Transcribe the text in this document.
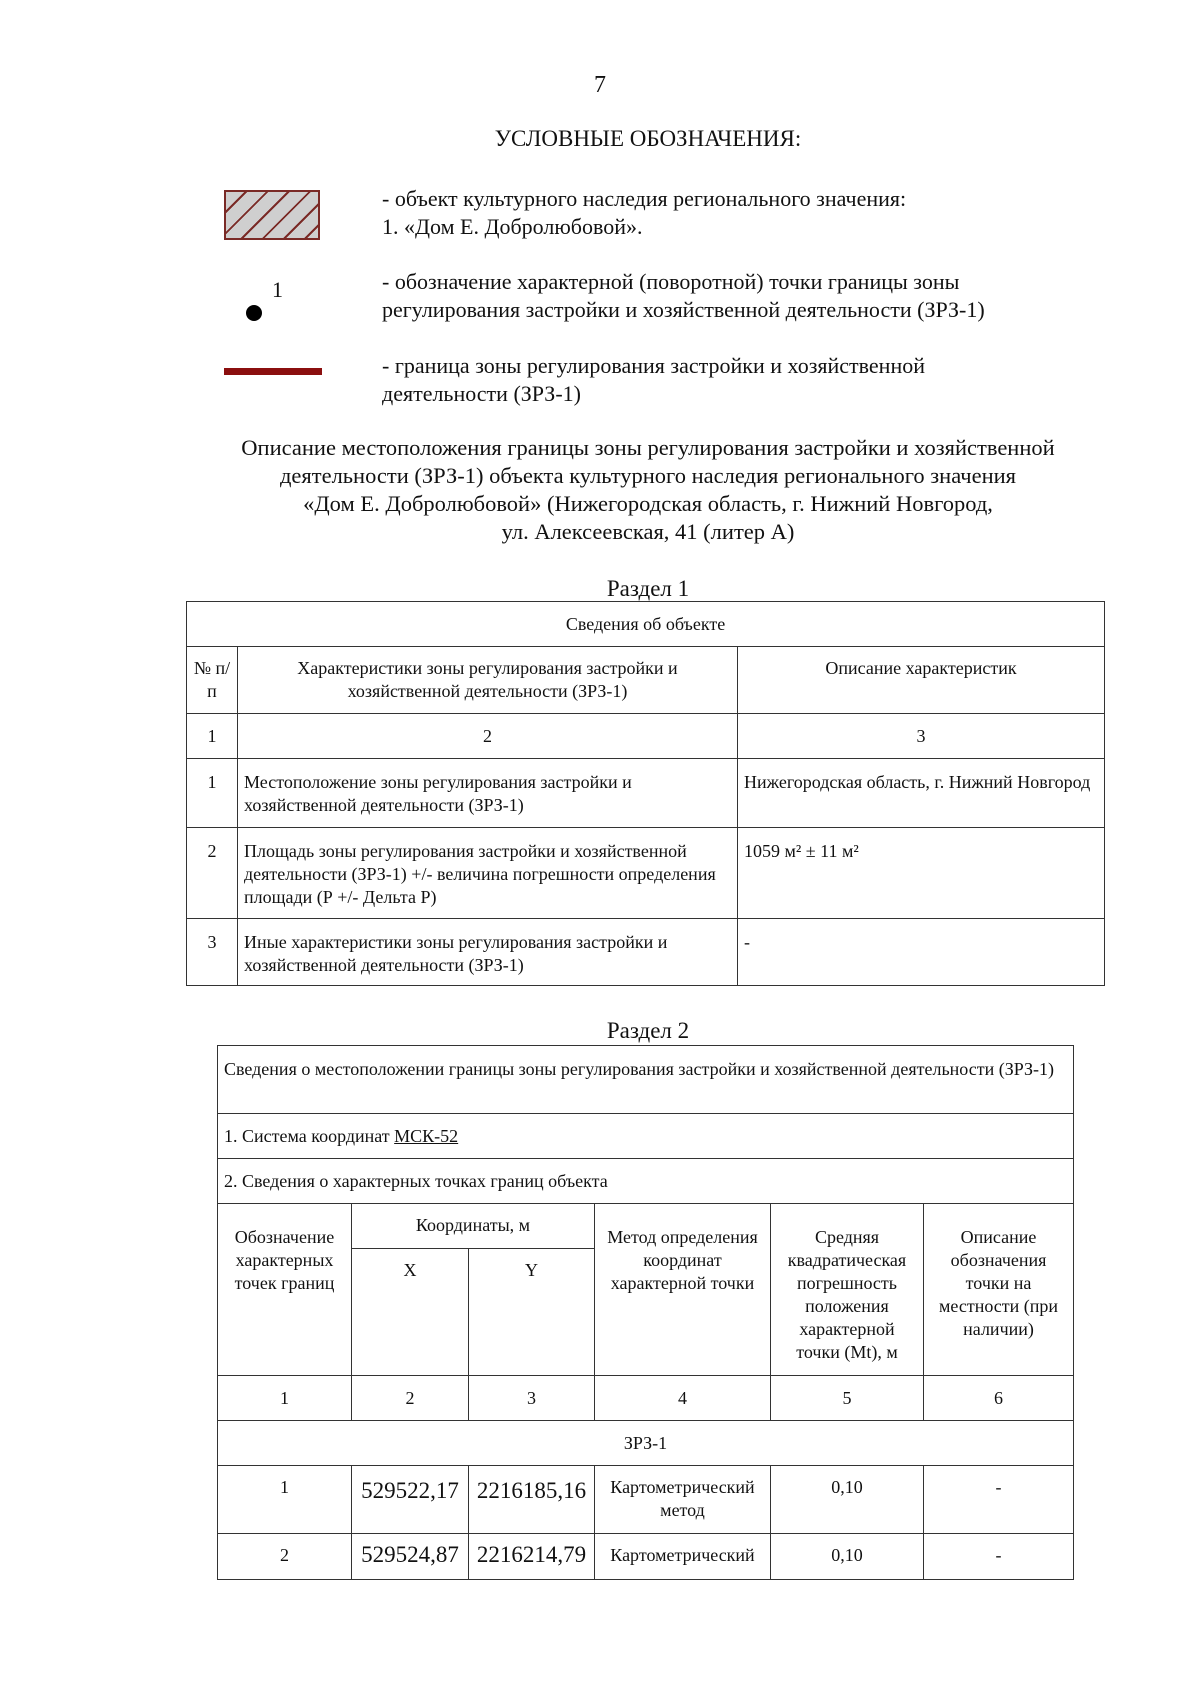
7
УСЛОВНЫЕ ОБОЗНАЧЕНИЯ:
- объект культурного наследия регионального значения:
1. «Дом Е. Добролюбовой».
1	- обозначение характерной (поворотной) точки границы зоны
регулирования застройки и хозяйственной деятельности (ЗРЗ-1)
- граница зоны регулирования застройки и хозяйственной
деятельности (ЗРЗ-1)
Описание местоположения границы зоны регулирования застройки и хозяйственной
деятельности (ЗРЗ-1) объекта культурного наследия регионального значения
«Дом Е. Добролюбовой» (Нижегородская область, г. Нижний Новгород,
ул. Алексеевская, 41 (литер А)
Раздел 1
Сведения об объекте		
№ п/п	Характеристики зоны регулирования застройки и хозяйственной деятельности (ЗРЗ-1)	Описание характеристик
1	2	3
1	Местоположение зоны регулирования застройки и хозяйственной деятельности (ЗРЗ-1)	Нижегородская область, г. Нижний Новгород
2	Площадь зоны регулирования застройки и хозяйственной деятельности (ЗРЗ-1) +/- величина погрешности определения площади (Р +/- Дельта Р)	1059 м² ± 11 м²
3	Иные характеристики зоны регулирования застройки и хозяйственной деятельности (ЗРЗ-1)	-
Раздел 2
Сведения о местоположении границы зоны регулирования застройки и хозяйственной деятельности (ЗРЗ-1)					
1. Система координат МСК-52					
2. Сведения о характерных точках границ объекта					
Обозначение характерных точек границ	Координаты, м		Метод определения координат характерной точки	Средняя квадратическая погрешность положения характерной точки (Mt), м	Описание обозначения точки на местности (при наличии)
	X	Y			
1	2	3	4	5	6
ЗРЗ-1					
1	529522,17	2216185,16	Картометрический метод	0,10	-
2	529524,87	2216214,79	Картометрический	0,10	-
